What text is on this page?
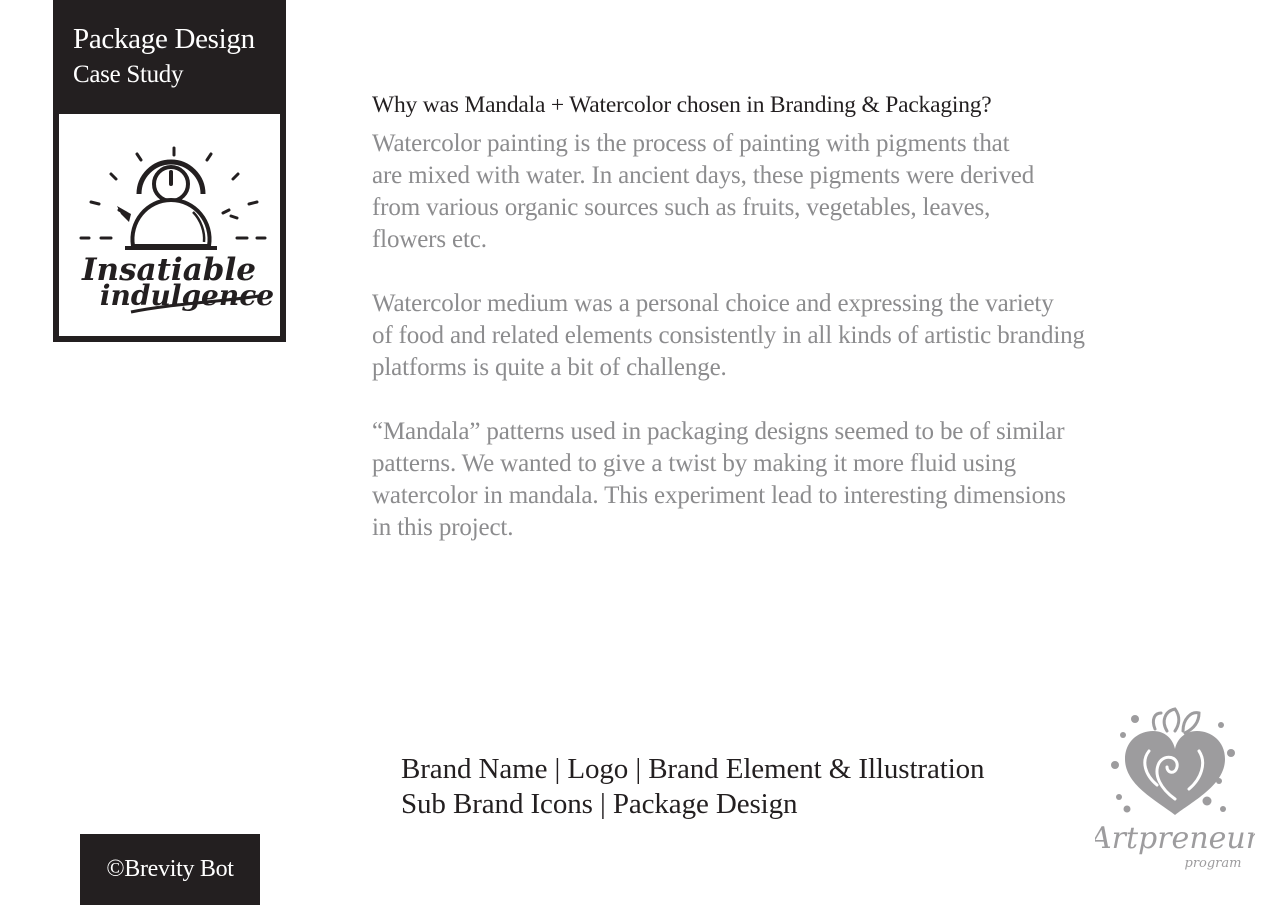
Package Design
Case Study
Insatiable
indulgence
Why was Mandala + Watercolor chosen in Branding & Packaging?

Watercolor painting is the process of painting with pigments that
are mixed with water. In ancient days, these pigments were derived
from various organic sources such as fruits, vegetables, leaves,
flowers etc.

Watercolor medium was a personal choice and expressing the variety
of food and related elements consistently in all kinds of artistic branding
platforms is quite a bit of challenge.

“Mandala” patterns used in packaging designs seemed to be of similar
patterns. We wanted to give a twist by making it more fluid using
watercolor in mandala. This experiment lead to interesting dimensions
in this project.

Brand Name | Logo | Brand Element & Illustration
Sub Brand Icons | Package Design
©Brevity Bot
Artpreneur
program
